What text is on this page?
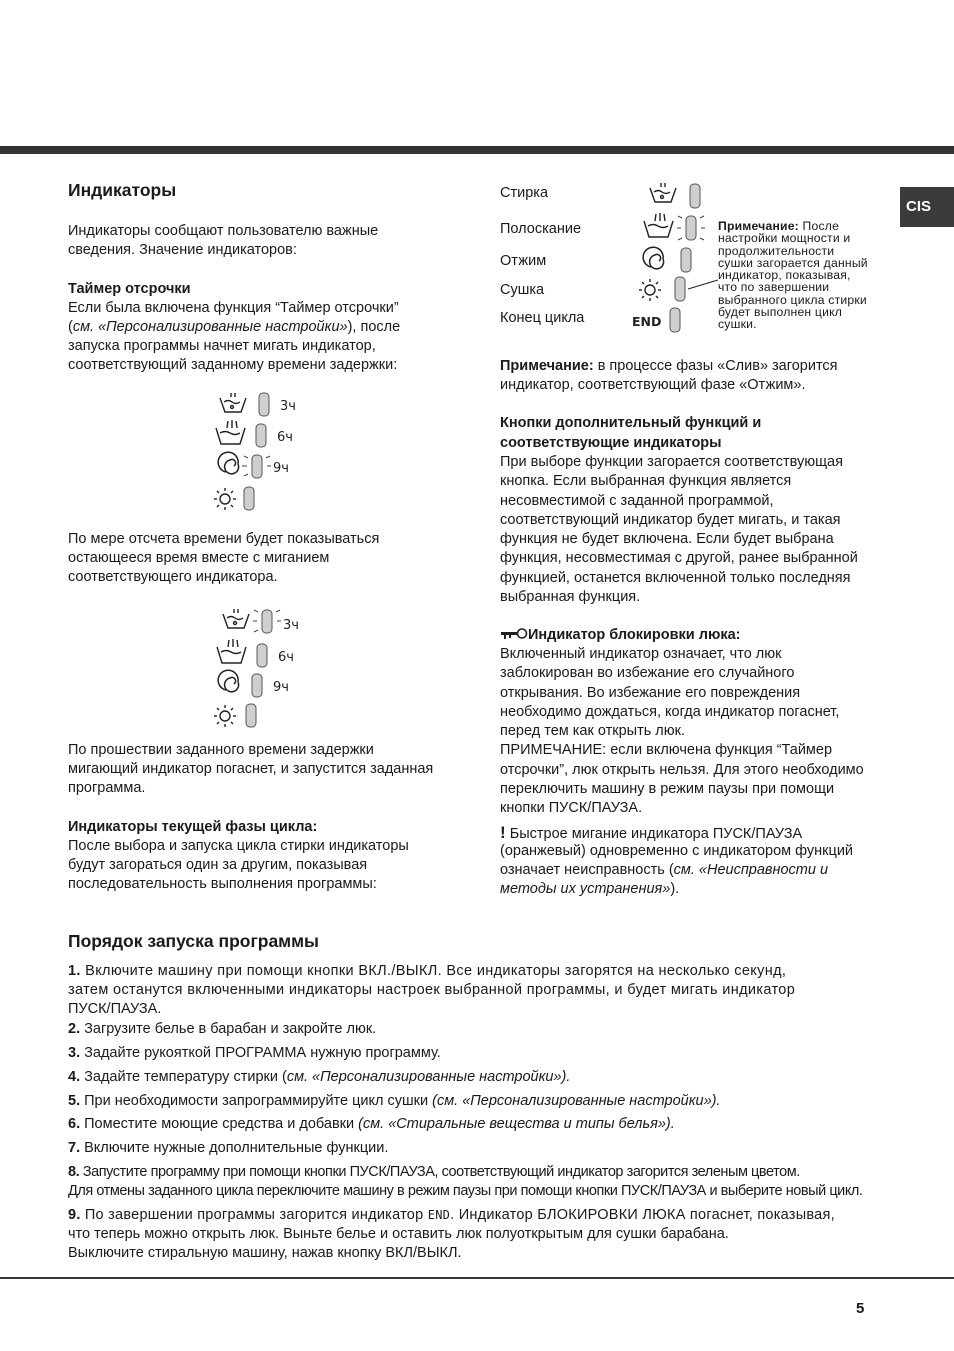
CIS
Индикаторы

Индикаторы сообщают пользователю важные

сведения. Значение индикаторов:

Таймер отсрочки

Если была включена функция “Таймер отсрочки”

(см. «Персонализированные настройки»), после

запуска программы начнет мигать индикатор,

соответствующий заданному времени задержки:

3ч
6ч
9ч

По мере отсчета времени будет показываться

остающееся время вместе с миганием

соответствующего индикатора.

3ч
6ч
9ч

По прошествии заданного времени задержки

мигающий индикатор погаснет, и запустится заданная

программа.

Индикаторы текущей фазы цикла:

После выбора и запуска цикла стирки индикаторы

будут загораться один за другим, показывая

последовательность выполнения программы:

Стирка
Полоскание
Отжим
Сушка
Конец цикла	END
Примечание: После
настройки мощности и
продолжительности
сушки загорается данный
индикатор, показывая,
что по завершении
выбранного цикла стирки
будет выполнен цикл
сушки.

Примечание: в процессе фазы «Слив» загорится

индикатор, соответствующий фазе «Отжим».

Кнопки дополнительный функций и

соответствующие индикаторы

При выборе функции загорается соответствующая

кнопка. Если выбранная функция является

несовместимой с заданной программой,

соответствующий индикатор будет мигать, и такая

функция не будет включена. Если будет выбрана

функция, несовместимая с другой, ранее выбранной

функцией, останется включенной только последняя

выбранная функция.

Индикатор блокировки люка:

Включенный индикатор означает, что люк

заблокирован во избежание его случайного

открывания. Во избежание его повреждения

необходимо дождаться, когда индикатор погаснет,

перед тем как открыть люк.

ПРИМЕЧАНИЕ: если включена функция “Таймер

отсрочки”, люк открыть нельзя. Для этого необходимо

переключить машину в режим паузы при помощи

кнопки ПУСК/ПАУЗА.

! Быстрое мигание индикатора ПУСК/ПАУЗА

(оранжевый) одновременно с индикатором функций

означает неисправность (см. «Неисправности и

методы их устранения»).

Порядок запуска программы

1. Включите машину при помощи кнопки ВКЛ./ВЫКЛ. Все индикаторы загорятся на несколько секунд,

затем останутся включенными индикаторы настроек выбранной программы, и будет мигать индикатор

ПУСК/ПАУЗА.

2. Загрузите белье в барабан и закройте люк.

3. Задайте рукояткой ПРОГРАММА нужную программу.

4. Задайте температуру стирки (см. «Персонализированные настройки»).

5. При необходимости запрограммируйте цикл сушки (см. «Персонализированные настройки»).

6. Поместите моющие средства и добавки (см. «Стиральные вещества и типы белья»).

7. Включите нужные дополнительные функции.

8. Запустите программу при помощи кнопки ПУСК/ПАУЗА, соответствующий индикатор загорится зеленым цветом.

Для отмены заданного цикла переключите машину в режим паузы при помощи кнопки ПУСК/ПАУЗА и выберите новый цикл.

9. По завершении программы загорится индикатор END. Индикатор БЛОКИРОВКИ ЛЮКА погаснет, показывая,

что теперь можно открыть люк. Выньте белье и оставить люк полуоткрытым для сушки барабана.

Выключите стиральную машину, нажав кнопку ВКЛ/ВЫКЛ.

5
